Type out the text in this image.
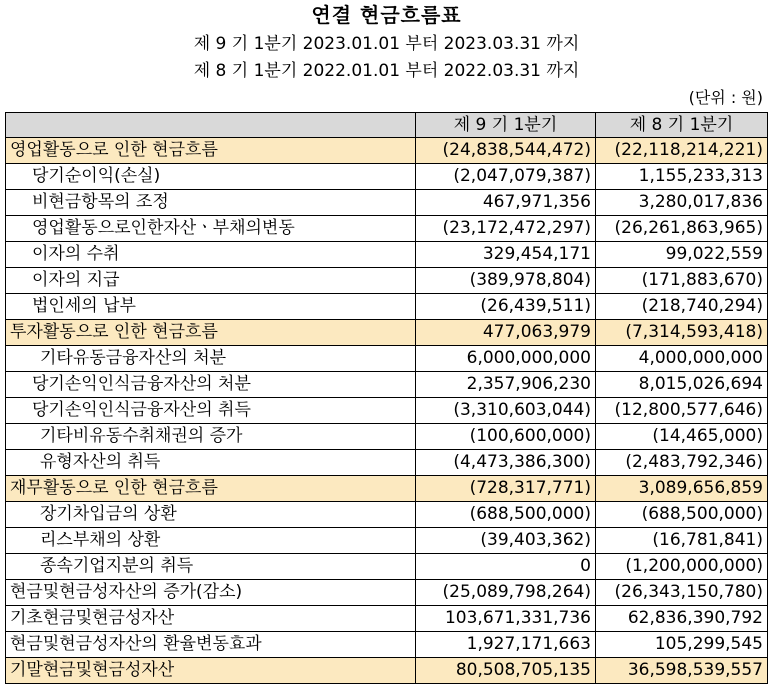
연결 현금흐름표
제 9 기 1분기 2023.01.01 부터 2023.03.31 까지
제 8 기 1분기 2022.01.01 부터 2022.03.31 까지
(단위 : 원)
	제 9 기 1분기	제 8 기 1분기
영업활동으로 인한 현금흐름	(24,838,544,472)	(22,118,214,221)
당기순이익(손실)	(2,047,079,387)	1,155,233,313
비현금항목의 조정	467,971,356	3,280,017,836
영업활동으로인한자산ㆍ부채의변동	(23,172,472,297)	(26,261,863,965)
이자의 수취	329,454,171	99,022,559
이자의 지급	(389,978,804)	(171,883,670)
법인세의 납부	(26,439,511)	(218,740,294)
투자활동으로 인한 현금흐름	477,063,979	(7,314,593,418)
기타유동금융자산의 처분	6,000,000,000	4,000,000,000
당기손익인식금융자산의 처분	2,357,906,230	8,015,026,694
당기손익인식금융자산의 취득	(3,310,603,044)	(12,800,577,646)
기타비유동수취채권의 증가	(100,600,000)	(14,465,000)
유형자산의 취득	(4,473,386,300)	(2,483,792,346)
재무활동으로 인한 현금흐름	(728,317,771)	3,089,656,859
장기차입금의 상환	(688,500,000)	(688,500,000)
리스부채의 상환	(39,403,362)	(16,781,841)
종속기업지분의 취득	0	(1,200,000,000)
현금및현금성자산의 증가(감소)	(25,089,798,264)	(26,343,150,780)
기초현금및현금성자산	103,671,331,736	62,836,390,792
현금및현금성자산의 환율변동효과	1,927,171,663	105,299,545
기말현금및현금성자산	80,508,705,135	36,598,539,557
